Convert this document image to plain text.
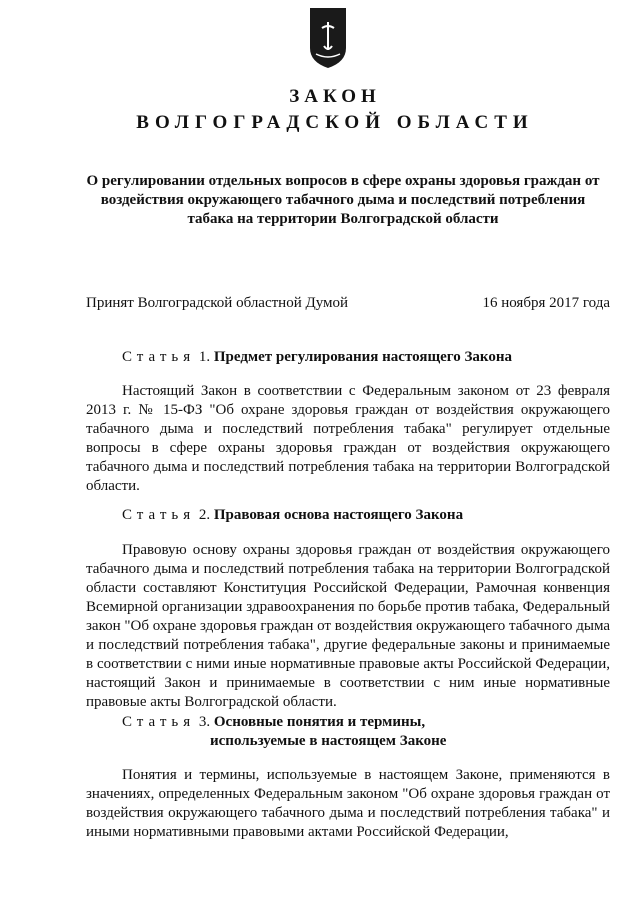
ЗАКОН
ВОЛГОГРАДСКОЙ ОБЛАСТИ
О регулировании отдельных вопросов в сфере охраны здоровья граждан от воздействия окружающего табачного дыма и последствий потребления табака на территории Волгоградской области
Принят Волгоградской областной Думой	16 ноября 2017 года
Статья 1. Предмет регулирования настоящего Закона
Настоящий Закон в соответствии с Федеральным законом от 23 февраля 2013 г. № 15-ФЗ "Об охране здоровья граждан от воздействия окружающего табачного дыма и последствий потребления табака" регулирует отдельные вопросы в сфере охраны здоровья граждан от воздействия окружающего табачного дыма и последствий потребления табака на территории Волгоградской области.
Статья 2. Правовая основа настоящего Закона
Правовую основу охраны здоровья граждан от воздействия окружающего табачного дыма и последствий потребления табака на территории Волгоградской области составляют Конституция Российской Федерации, Рамочная конвенция Всемирной организации здравоохранения по борьбе против табака, Федеральный закон "Об охране здоровья граждан от воздействия окружающего табачного дыма и последствий потребления табака", другие федеральные законы и принимаемые в соответствии с ними иные нормативные правовые акты Российской Федерации, настоящий Закон и принимаемые в соответствии с ним иные нормативные правовые акты Волгоградской области.
Статья 3. Основные понятия и термины,
используемые в настоящем Законе
Понятия и термины, используемые в настоящем Законе, применяются в значениях, определенных Федеральным законом "Об охране здоровья граждан от воздействия окружающего табачного дыма и последствий потребления табака" и иными нормативными правовыми актами Российской Федерации,
